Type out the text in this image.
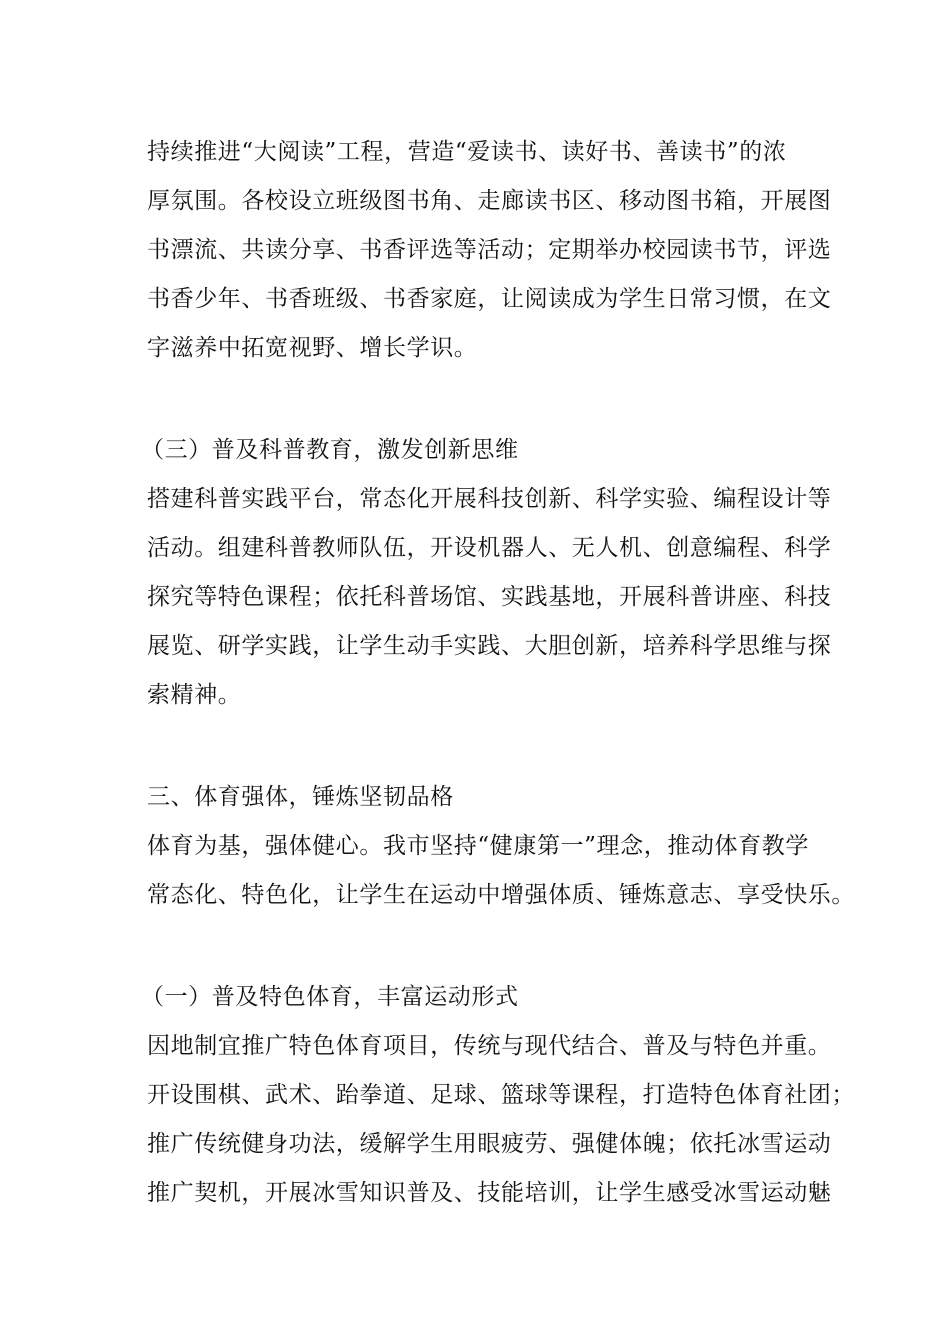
持续推进“大阅读”工程，营造“爱读书、读好书、善读书”的浓
厚氛围。各校设立班级图书角、走廊读书区、移动图书箱，开展图
书漂流、共读分享、书香评选等活动；定期举办校园读书节，评选
书香少年、书香班级、书香家庭，让阅读成为学生日常习惯，在文
字滋养中拓宽视野、增长学识。
（三）普及科普教育，激发创新思维
搭建科普实践平台，常态化开展科技创新、科学实验、编程设计等
活动。组建科普教师队伍，开设机器人、无人机、创意编程、科学
探究等特色课程；依托科普场馆、实践基地，开展科普讲座、科技
展览、研学实践，让学生动手实践、大胆创新，培养科学思维与探
索精神。
三、体育强体，锤炼坚韧品格
体育为基，强体健心。我市坚持“健康第一”理念，推动体育教学
常态化、特色化，让学生在运动中增强体质、锤炼意志、享受快乐。
（一）普及特色体育，丰富运动形式
因地制宜推广特色体育项目，传统与现代结合、普及与特色并重。
开设围棋、武术、跆拳道、足球、篮球等课程，打造特色体育社团；
推广传统健身功法，缓解学生用眼疲劳、强健体魄；依托冰雪运动
推广契机，开展冰雪知识普及、技能培训，让学生感受冰雪运动魅
